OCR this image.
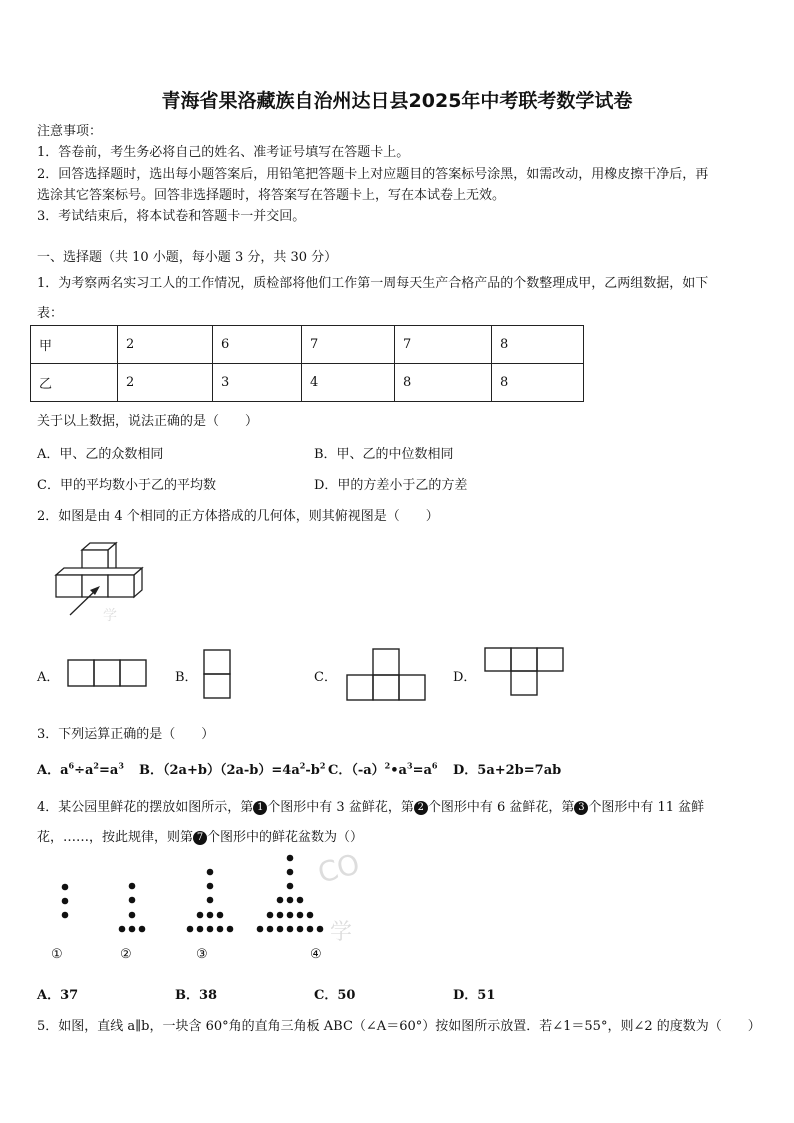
青海省果洛藏族自治州达日县2025年中考联考数学试卷
注意事项：
1．答卷前，考生务必将自己的姓名、准考证号填写在答题卡上。
2．回答选择题时，选出每小题答案后，用铅笔把答题卡上对应题目的答案标号涂黑，如需改动，用橡皮擦干净后，再
选涂其它答案标号。回答非选择题时，将答案写在答题卡上，写在本试卷上无效。
3．考试结束后，将本试卷和答题卡一并交回。
一、选择题（共 10 小题，每小题 3 分，共 30 分）
1．为考察两名实习工人的工作情况，质检部将他们工作第一周每天生产合格产品的个数整理成甲，乙两组数据，如下
表：
甲	2	6	7	7	8
乙	2	3	4	8	8
关于以上数据，说法正确的是（　　）
A．甲、乙的众数相同	B．甲、乙的中位数相同
C．甲的平均数小于乙的平均数	D．甲的方差小于乙的方差
2．如图是由 4 个相同的正方体搭成的几何体，则其俯视图是（　　）
学
A．	B．	C．	D．
3．下列运算正确的是（　　）
A．$a^6\div a^2=a^3$ B．$(2a+b)(2a-b)=4a^2-b^2$ C．$(-a)^2•a^3=a^6$ D．5a+2b=7ab
4．某公园里鲜花的摆放如图所示，第 1 个图形中有 3 盆鲜花，第 2 个图形中有 6 盆鲜花，第 3 个图形中有 11 盆鲜
花，……，按此规律，则第 7 个图形中的鲜花盆数为（）
CO
学
①	②	③	④
A．37	B．38	C．50	D．51
5．如图，直线 a∥b，一块含 60°角的直角三角板 ABC（∠A＝60°）按如图所示放置．若∠1＝55°，则∠2 的度数为（　　）
